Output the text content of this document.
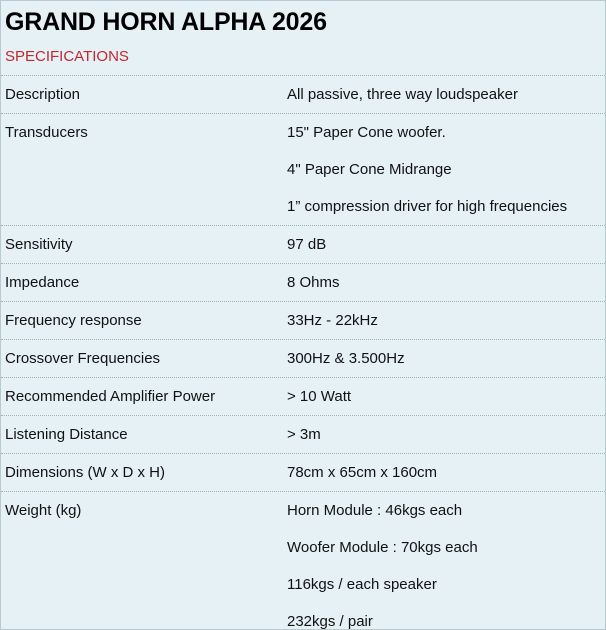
GRAND HORN ALPHA 2026
SPECIFICATIONS
Description	All passive, three way loudspeaker
Transducers	15" Paper Cone woofer.
4" Paper Cone Midrange
1” compression driver for high frequencies
Sensitivity	97 dB
Impedance	8 Ohms
Frequency response	33Hz - 22kHz
Crossover Frequencies	300Hz & 3.500Hz
Recommended Amplifier Power	> 10 Watt
Listening Distance	> 3m
Dimensions (W x D x H)	78cm x 65cm x 160cm
Weight (kg)	Horn Module : 46kgs each
Woofer Module : 70kgs each
116kgs / each speaker
232kgs / pair
